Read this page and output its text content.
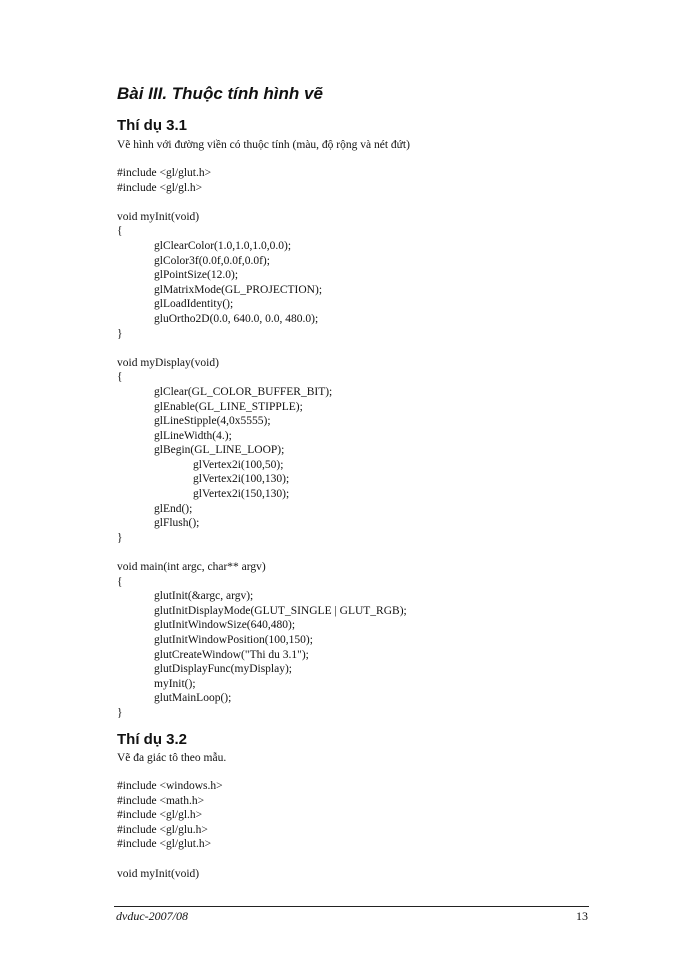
Bài III. Thuộc tính hình vẽ
Thí dụ 3.1
Vẽ hình với đường viền có thuộc tính (màu, độ rộng và nét đứt)
#include <gl/glut.h>
#include <gl/gl.h>
void myInit(void)
{
glClearColor(1.0,1.0,1.0,0.0);
glColor3f(0.0f,0.0f,0.0f);
glPointSize(12.0);
glMatrixMode(GL_PROJECTION);
glLoadIdentity();
gluOrtho2D(0.0, 640.0, 0.0, 480.0);
}
void myDisplay(void)
{
glClear(GL_COLOR_BUFFER_BIT);
glEnable(GL_LINE_STIPPLE);
glLineStipple(4,0x5555);
glLineWidth(4.);
glBegin(GL_LINE_LOOP);
glVertex2i(100,50);
glVertex2i(100,130);
glVertex2i(150,130);
glEnd();
glFlush();
}
void main(int argc, char** argv)
{
glutInit(&argc, argv);
glutInitDisplayMode(GLUT_SINGLE | GLUT_RGB);
glutInitWindowSize(640,480);
glutInitWindowPosition(100,150);
glutCreateWindow("Thi du 3.1");
glutDisplayFunc(myDisplay);
myInit();
glutMainLoop();
}
Thí dụ 3.2
Vẽ đa giác tô theo mẫu.
#include <windows.h>
#include <math.h>
#include <gl/gl.h>
#include <gl/glu.h>
#include <gl/glut.h>
void myInit(void)
dvduc-2007/08	13
